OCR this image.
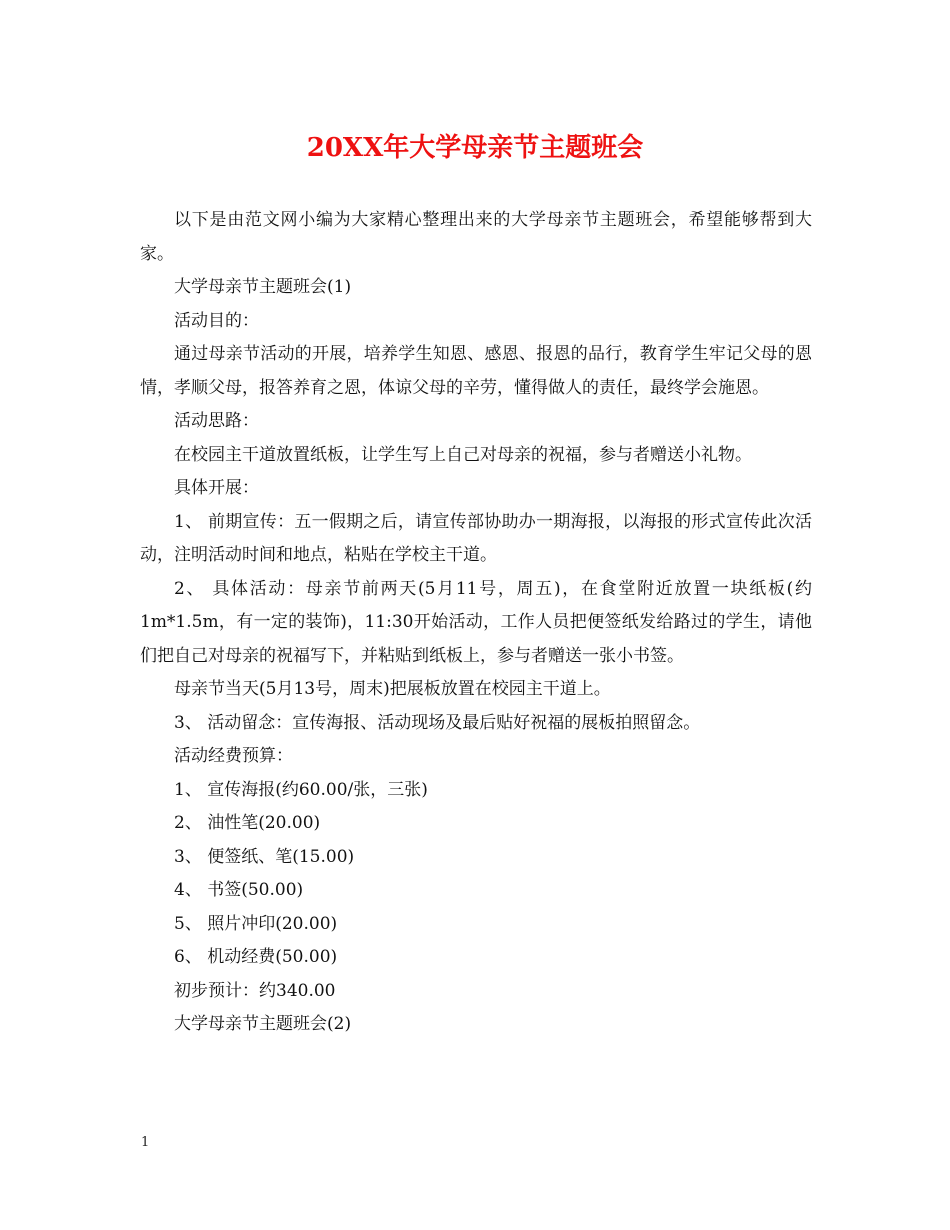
20XX年大学母亲节主题班会

以下是由范文网小编为大家精心整理出来的大学母亲节主题班会，希望能够帮到大家。

大学母亲节主题班会(1)

活动目的：

通过母亲节活动的开展，培养学生知恩、感恩、报恩的品行，教育学生牢记父母的恩情，孝顺父母，报答养育之恩，体谅父母的辛劳，懂得做人的责任，最终学会施恩。

活动思路：

在校园主干道放置纸板，让学生写上自己对母亲的祝福，参与者赠送小礼物。

具体开展：

1、 前期宣传：五一假期之后，请宣传部协助办一期海报，以海报的形式宣传此次活动，注明活动时间和地点，粘贴在学校主干道。

2、 具体活动：母亲节前两天(5月11号，周五)，在食堂附近放置一块纸板(约1m*1.5m，有一定的装饰)，11:30开始活动，工作人员把便签纸发给路过的学生，请他们把自己对母亲的祝福写下，并粘贴到纸板上，参与者赠送一张小书签。

母亲节当天(5月13号，周末)把展板放置在校园主干道上。

3、 活动留念：宣传海报、活动现场及最后贴好祝福的展板拍照留念。

活动经费预算：

1、 宣传海报(约60.00/张，三张)

2、 油性笔(20.00)

3、 便签纸、笔(15.00)

4、 书签(50.00)

5、 照片冲印(20.00)

6、 机动经费(50.00)

初步预计：约340.00

大学母亲节主题班会(2)

1
